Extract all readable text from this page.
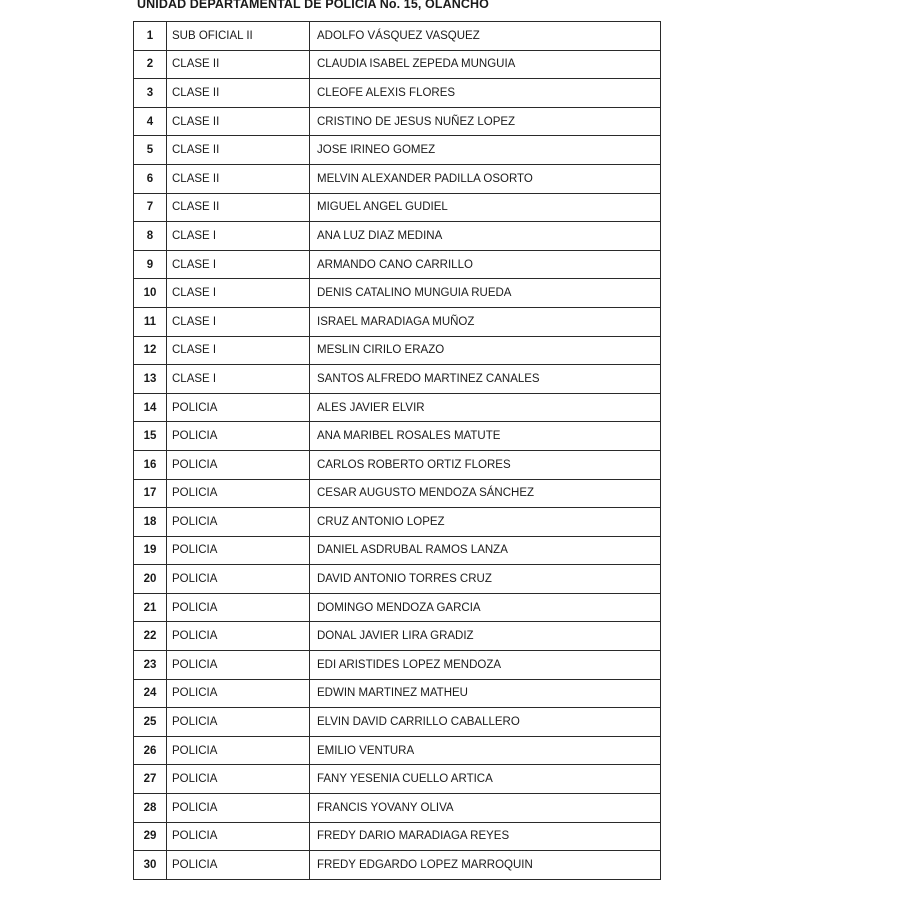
UNIDAD DEPARTAMENTAL DE POLICIA No. 15, OLANCHO
1	SUB OFICIAL II	ADOLFO VÁSQUEZ VASQUEZ
2	CLASE II	CLAUDIA ISABEL ZEPEDA MUNGUIA
3	CLASE II	CLEOFE ALEXIS FLORES
4	CLASE II	CRISTINO DE JESUS NUÑEZ LOPEZ
5	CLASE II	JOSE IRINEO GOMEZ
6	CLASE II	MELVIN ALEXANDER PADILLA OSORTO
7	CLASE II	MIGUEL ANGEL GUDIEL
8	CLASE I	ANA LUZ DIAZ MEDINA
9	CLASE I	ARMANDO CANO CARRILLO
10	CLASE I	DENIS CATALINO MUNGUIA RUEDA
11	CLASE I	ISRAEL MARADIAGA MUÑOZ
12	CLASE I	MESLIN CIRILO ERAZO
13	CLASE I	SANTOS ALFREDO MARTINEZ CANALES
14	POLICIA	ALES JAVIER ELVIR
15	POLICIA	ANA MARIBEL ROSALES MATUTE
16	POLICIA	CARLOS ROBERTO ORTIZ FLORES
17	POLICIA	CESAR AUGUSTO MENDOZA SÁNCHEZ
18	POLICIA	CRUZ ANTONIO LOPEZ
19	POLICIA	DANIEL ASDRUBAL RAMOS LANZA
20	POLICIA	DAVID ANTONIO TORRES CRUZ
21	POLICIA	DOMINGO MENDOZA GARCIA
22	POLICIA	DONAL JAVIER LIRA GRADIZ
23	POLICIA	EDI ARISTIDES LOPEZ MENDOZA
24	POLICIA	EDWIN MARTINEZ MATHEU
25	POLICIA	ELVIN DAVID CARRILLO CABALLERO
26	POLICIA	EMILIO VENTURA
27	POLICIA	FANY YESENIA CUELLO ARTICA
28	POLICIA	FRANCIS YOVANY OLIVA
29	POLICIA	FREDY DARIO MARADIAGA REYES
30	POLICIA	FREDY EDGARDO LOPEZ MARROQUIN
